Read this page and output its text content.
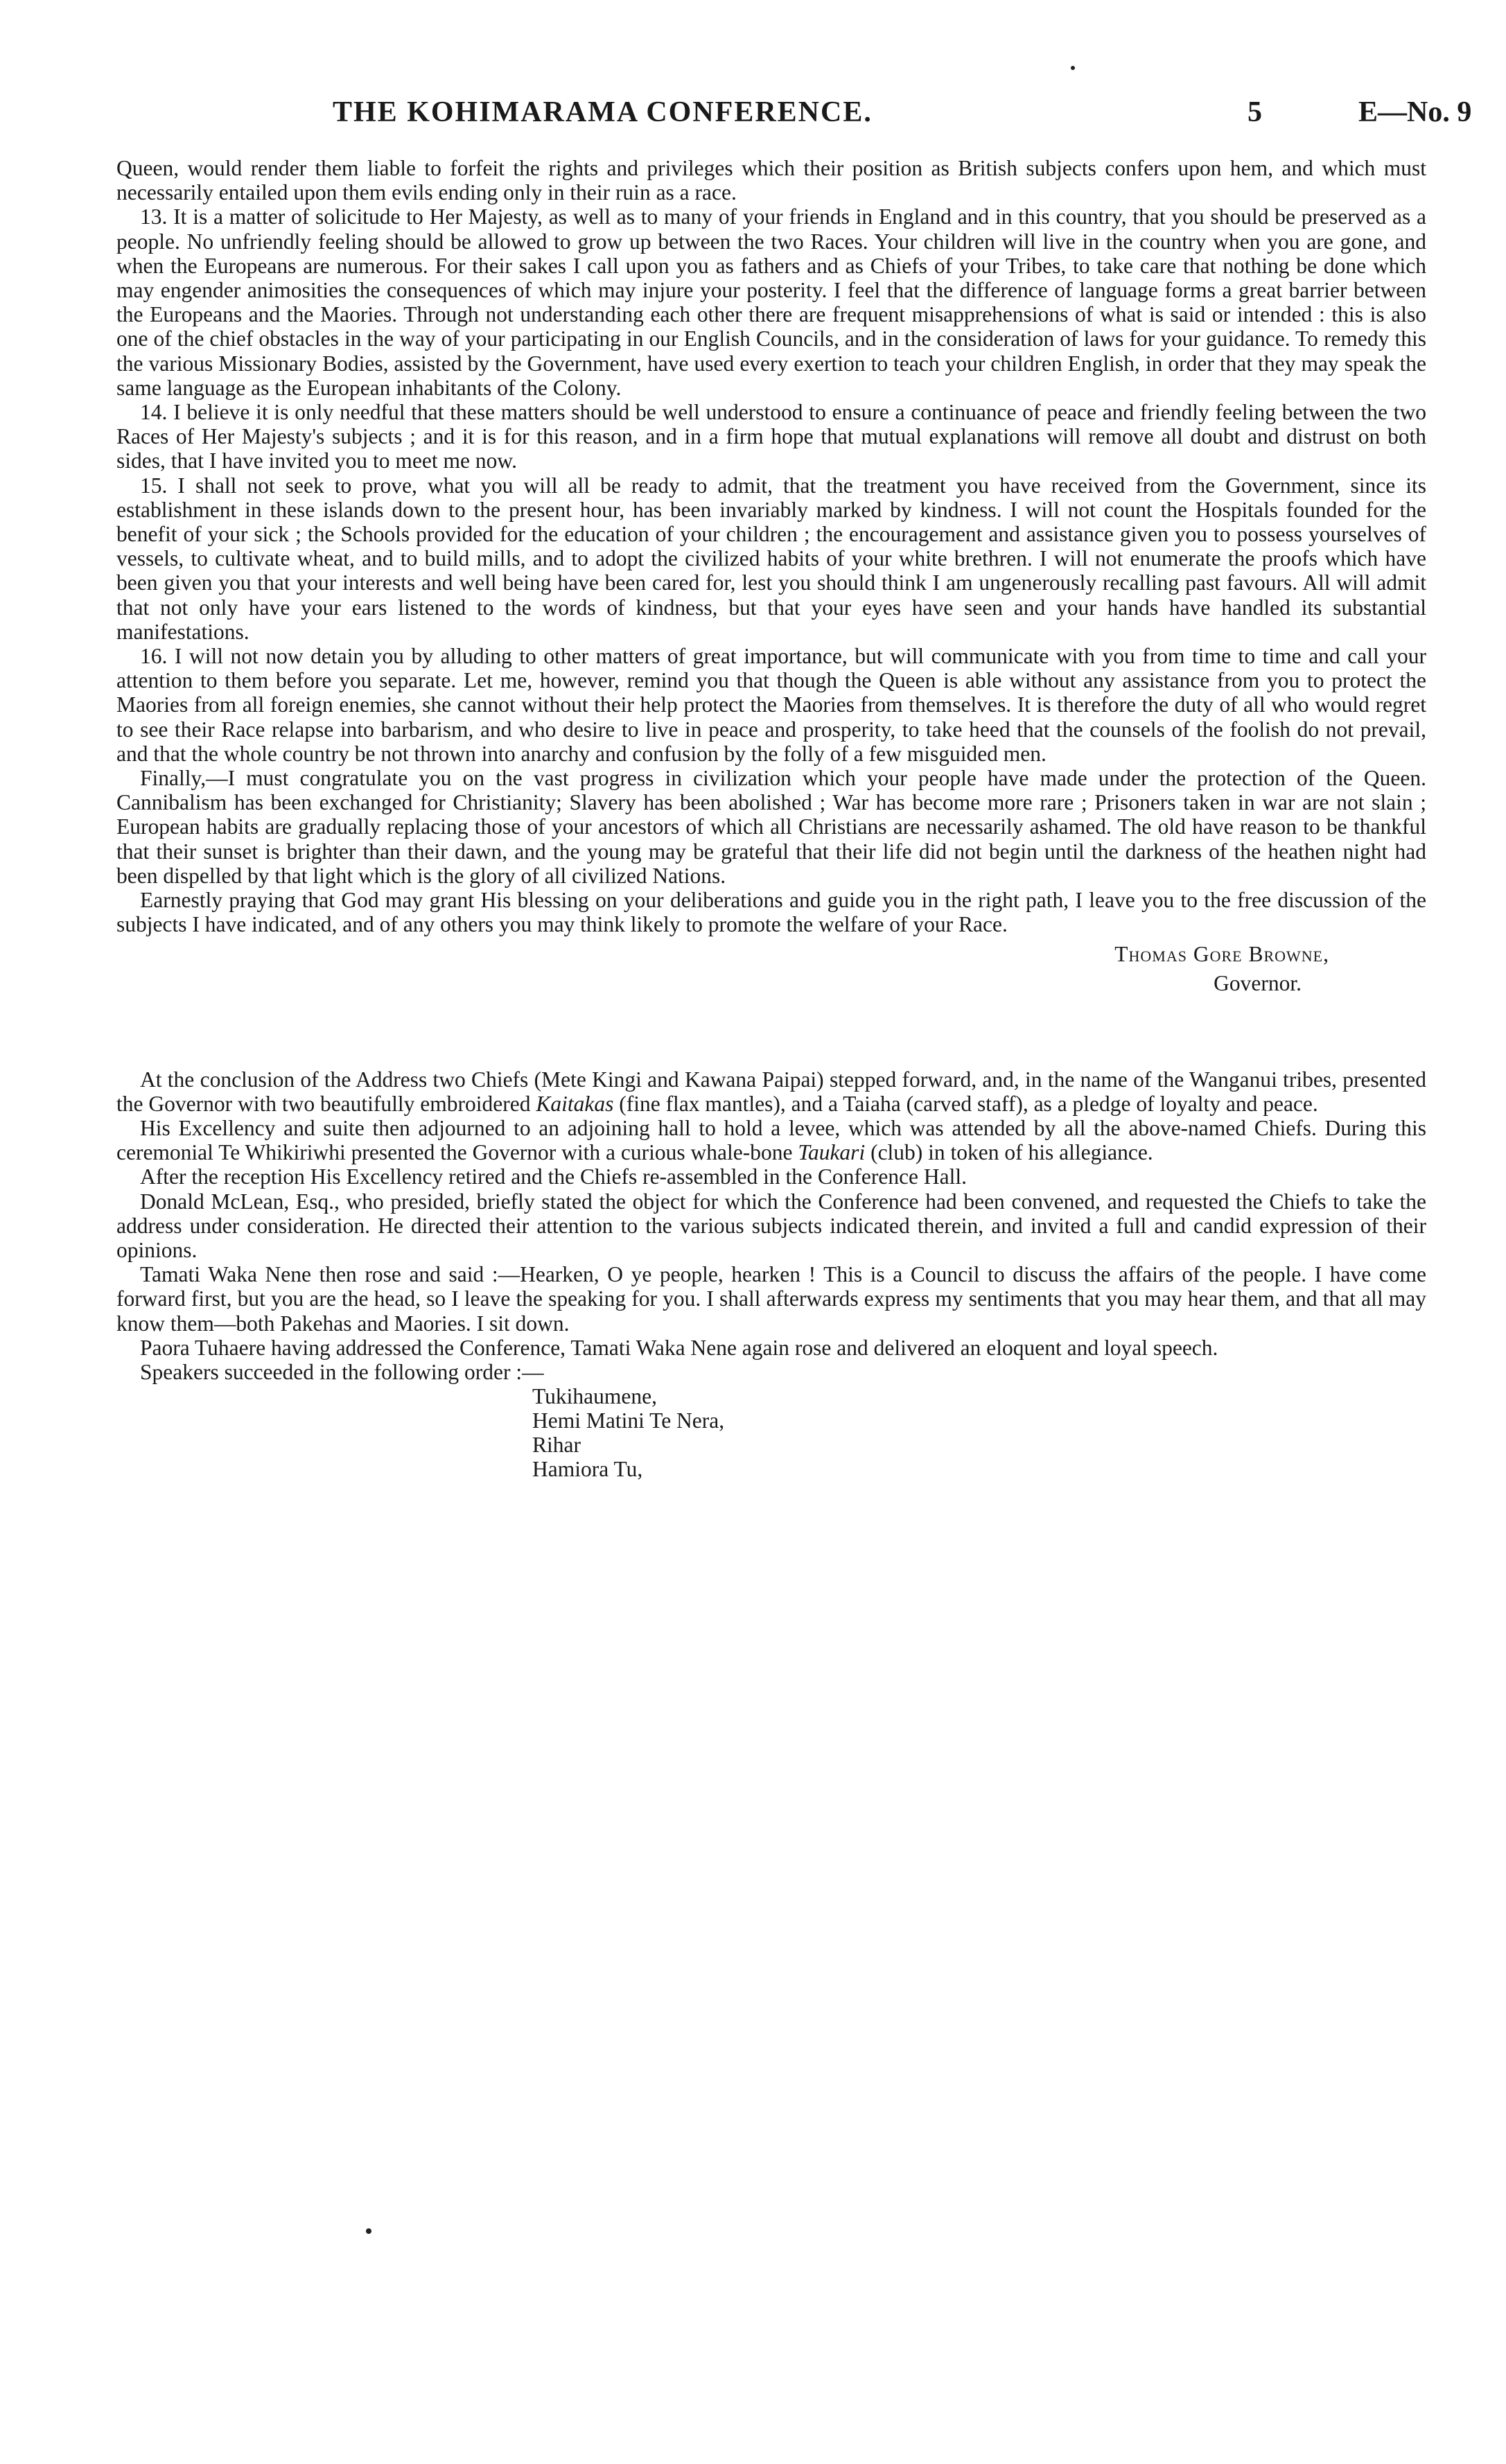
THE KOHIMARAMA CONFERENCE.	5	E—No. 9

Queen, would render them liable to forfeit the rights and privileges which their position as British subjects confers upon hem, and which must necessarily entailed upon them evils ending only in their ruin as a race.

13. It is a matter of solicitude to Her Majesty, as well as to many of your friends in England and in this country, that you should be preserved as a people. No unfriendly feeling should be allowed to grow up between the two Races. Your children will live in the country when you are gone, and when the Europeans are numerous. For their sakes I call upon you as fathers and as Chiefs of your Tribes, to take care that nothing be done which may engender animosities the consequences of which may injure your posterity. I feel that the difference of language forms a great barrier between the Europeans and the Maories. Through not understanding each other there are frequent misapprehensions of what is said or intended : this is also one of the chief obstacles in the way of your participating in our English Councils, and in the consideration of laws for your guidance. To remedy this the various Missionary Bodies, assisted by the Government, have used every exertion to teach your children English, in order that they may speak the same language as the European inhabitants of the Colony.

14. I believe it is only needful that these matters should be well understood to ensure a continuance of peace and friendly feeling between the two Races of Her Majesty's subjects ; and it is for this reason, and in a firm hope that mutual explanations will remove all doubt and distrust on both sides, that I have invited you to meet me now.

15. I shall not seek to prove, what you will all be ready to admit, that the treatment you have received from the Government, since its establishment in these islands down to the present hour, has been invariably marked by kindness. I will not count the Hospitals founded for the benefit of your sick ; the Schools provided for the education of your children ; the encouragement and assistance given you to possess yourselves of vessels, to cultivate wheat, and to build mills, and to adopt the civilized habits of your white brethren. I will not enumerate the proofs which have been given you that your interests and well being have been cared for, lest you should think I am ungenerously recalling past favours. All will admit that not only have your ears listened to the words of kindness, but that your eyes have seen and your hands have handled its substantial manifestations.

16. I will not now detain you by alluding to other matters of great importance, but will communicate with you from time to time and call your attention to them before you separate. Let me, however, remind you that though the Queen is able without any assistance from you to protect the Maories from all foreign enemies, she cannot without their help protect the Maories from themselves. It is therefore the duty of all who would regret to see their Race relapse into barbarism, and who desire to live in peace and prosperity, to take heed that the counsels of the foolish do not prevail, and that the whole country be not thrown into anarchy and confusion by the folly of a few misguided men.

Finally,—I must congratulate you on the vast progress in civilization which your people have made under the protection of the Queen. Cannibalism has been exchanged for Christianity; Slavery has been abolished ; War has become more rare ; Prisoners taken in war are not slain ; European habits are gradually replacing those of your ancestors of which all Christians are necessarily ashamed. The old have reason to be thankful that their sunset is brighter than their dawn, and the young may be grateful that their life did not begin until the darkness of the heathen night had been dispelled by that light which is the glory of all civilized Nations.

Earnestly praying that God may grant His blessing on your deliberations and guide you in the right path, I leave you to the free discussion of the subjects I have indicated, and of any others you may think likely to promote the welfare of your Race.

Thomas Gore Browne,
Governor.

At the conclusion of the Address two Chiefs (Mete Kingi and Kawana Paipai) stepped forward, and, in the name of the Wanganui tribes, presented the Governor with two beautifully embroidered Kaitakas (fine flax mantles), and a Taiaha (carved staff), as a pledge of loyalty and peace.

His Excellency and suite then adjourned to an adjoining hall to hold a levee, which was attended by all the above-named Chiefs. During this ceremonial Te Whikiriwhi presented the Governor with a curious whale-bone Taukari (club) in token of his allegiance.

After the reception His Excellency retired and the Chiefs re-assembled in the Conference Hall.

Donald McLean, Esq., who presided, briefly stated the object for which the Conference had been convened, and requested the Chiefs to take the address under consideration. He directed their attention to the various subjects indicated therein, and invited a full and candid expression of their opinions.

Tamati Waka Nene then rose and said :—Hearken, O ye people, hearken ! This is a Council to discuss the affairs of the people. I have come forward first, but you are the head, so I leave the speaking for you. I shall afterwards express my sentiments that you may hear them, and that all may know them—both Pakehas and Maories. I sit down.

Paora Tuhaere having addressed the Conference, Tamati Waka Nene again rose and delivered an eloquent and loyal speech.

Speakers succeeded in the following order :—

Tukihaumene,
Hemi Matini Te Nera,
Rihar
Hamiora Tu,
